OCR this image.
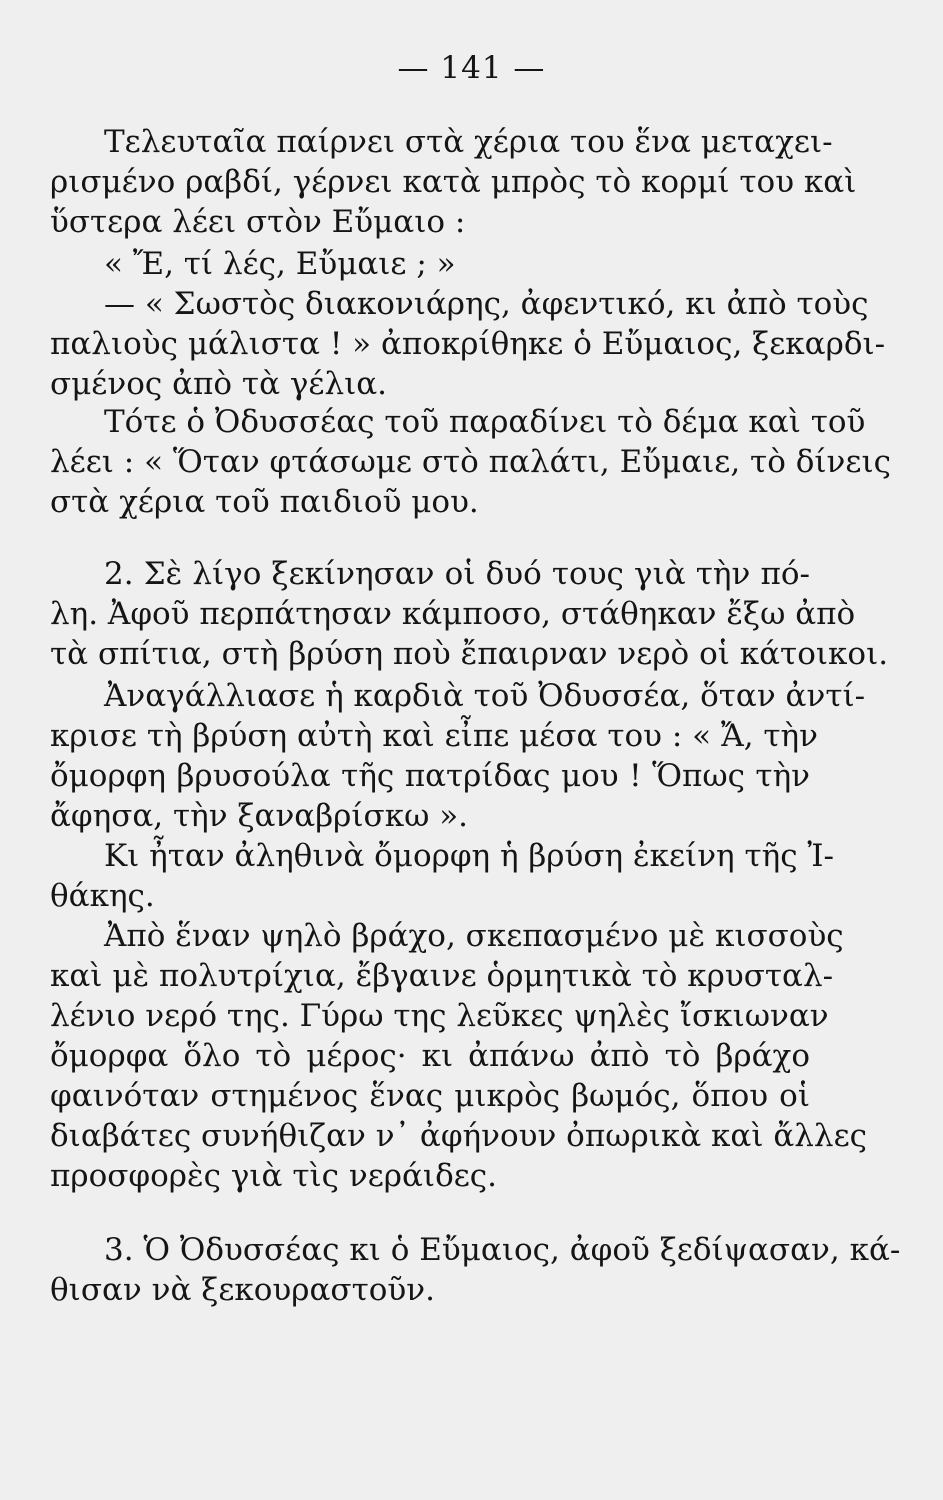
— 141 —
Τελευταῖα παίρνει στὰ χέρια του ἕνα μεταχει-
ρισμένο ραβδί, γέρνει κατὰ μπρὸς τὸ κορμί του καὶ
ὕστερα λέει στὸν Εὔμαιο :
« Ἔ, τί λές, Εὔμαιε ; »
— « Σωστὸς διακονιάρης, ἀφεντικό, κι ἀπὸ τοὺς
παλιοὺς μάλιστα ! » ἀποκρίθηκε ὁ Εὔμαιος, ξεκαρδι-
σμένος ἀπὸ τὰ γέλια.
Τότε ὁ Ὀδυσσέας τοῦ παραδίνει τὸ δέμα καὶ τοῦ
λέει : « Ὅταν φτάσωμε στὸ παλάτι, Εὔμαιε, τὸ δίνεις
στὰ χέρια τοῦ παιδιοῦ μου.
2. Σὲ λίγο ξεκίνησαν οἱ δυό τους γιὰ τὴν πό-
λη. Ἀφοῦ περπάτησαν κάμποσο, στάθηκαν ἔξω ἀπὸ
τὰ σπίτια, στὴ βρύση ποὺ ἔπαιρναν νερὸ οἱ κάτοικοι.
Ἀναγάλλιασε ἡ καρδιὰ τοῦ Ὀδυσσέα, ὅταν ἀντί-
κρισε τὴ βρύση αὐτὴ καὶ εἶπε μέσα του : « Ἄ, τὴν
ὄμορφη βρυσούλα τῆς πατρίδας μου ! Ὅπως τὴν
ἄφησα, τὴν ξαναβρίσκω ».
Κι ἦταν ἀληθινὰ ὄμορφη ἡ βρύση ἐκείνη τῆς Ἰ-
θάκης.
Ἀπὸ ἕναν ψηλὸ βράχο, σκεπασμένο μὲ κισσοὺς
καὶ μὲ πολυτρίχια, ἔβγαινε ὁρμητικὰ τὸ κρυσταλ-
λένιο νερό της. Γύρω της λεῦκες ψηλὲς ἴσκιωναν
ὄμορφα ὅλο τὸ μέρος· κι ἀπάνω ἀπὸ τὸ βράχο
φαινόταν στημένος ἕνας μικρὸς βωμός, ὅπου οἱ
διαβάτες συνήθιζαν ν᾿ ἀφήνουν ὀπωρικὰ καὶ ἄλλες
προσφορὲς γιὰ τὶς νεράιδες.
3. Ὁ Ὀδυσσέας κι ὁ Εὔμαιος, ἀφοῦ ξεδίψασαν, κά-
θισαν νὰ ξεκουραστοῦν.
